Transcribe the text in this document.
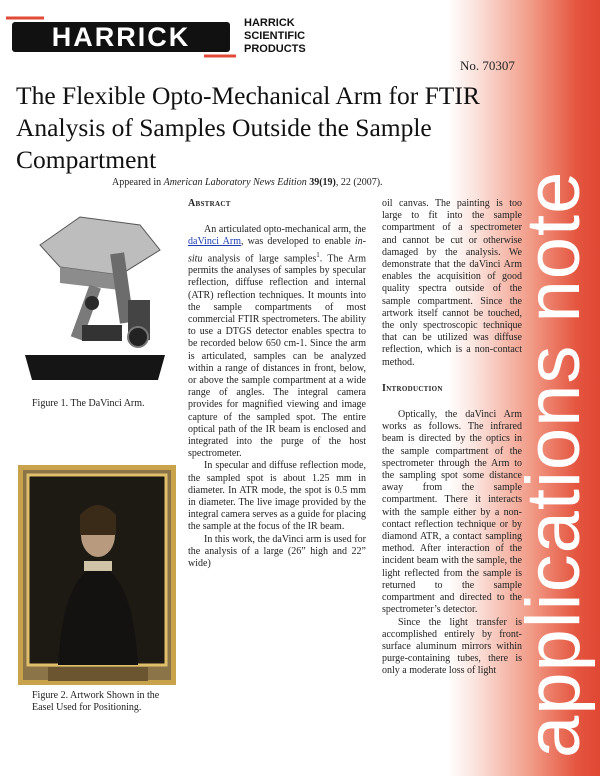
applications note
HARRICK	HARRICK
SCIENTIFIC
PRODUCTS
No. 70307
The Flexible Opto-Mechanical Arm for FTIR Analysis of Samples Outside the Sample Compartment
Appeared in American Laboratory News Edition 39(19), 22 (2007).
Figure 1. The DaVinci Arm.
Figure 2. Artwork Shown in the Easel Used for Positioning.

Abstract

An articulated opto-mechanical arm, the daVinci Arm, was developed to enable in-situ analysis of large samples$^1$. The Arm permits the analyses of samples by specular reflection, diffuse reflection and internal (ATR) reflection techniques. It mounts into the sample compartments of most commercial FTIR spectrometers. The ability to use a DTGS detector enables spectra to be recorded below 650 cm-1. Since the arm is articulated, samples can be analyzed within a range of distances in front, below, or above the sample compartment at a wide range of angles. The integral camera provides for magnified viewing and image capture of the sampled spot. The entire optical path of the IR beam is enclosed and integrated into the purge of the host spectrometer.

In specular and diffuse reflection mode, the sampled spot is about 1.25 mm in diameter. In ATR mode, the spot is 0.5 mm in diameter. The live image provided by the integral camera serves as a guide for placing the sample at the focus of the IR beam.

In this work, the daVinci arm is used for the analysis of a large (26” high and 22” wide)

oil canvas. The painting is too large to fit into the sample compartment of a spectrometer and cannot be cut or otherwise damaged by the analysis. We demonstrate that the daVinci Arm enables the acquisition of good quality spectra outside of the sample compartment. Since the artwork itself cannot be touched, the only spectroscopic technique that can be utilized was diffuse reflection, which is a non-contact method.

Introduction

Optically, the daVinci Arm works as follows. The infrared beam is directed by the optics in the sample compartment of the spectrometer through the Arm to the sampling spot some distance away from the sample compartment. There it interacts with the sample either by a non-contact reflection technique or by diamond ATR, a contact sampling method. After interaction of the incident beam with the sample, the light reflected from the sample is returned to the sample compartment and directed to the spectrometer’s detector.

Since the light transfer is accomplished entirely by front-surface aluminum mirrors within purge-containing tubes, there is only a moderate loss of light
